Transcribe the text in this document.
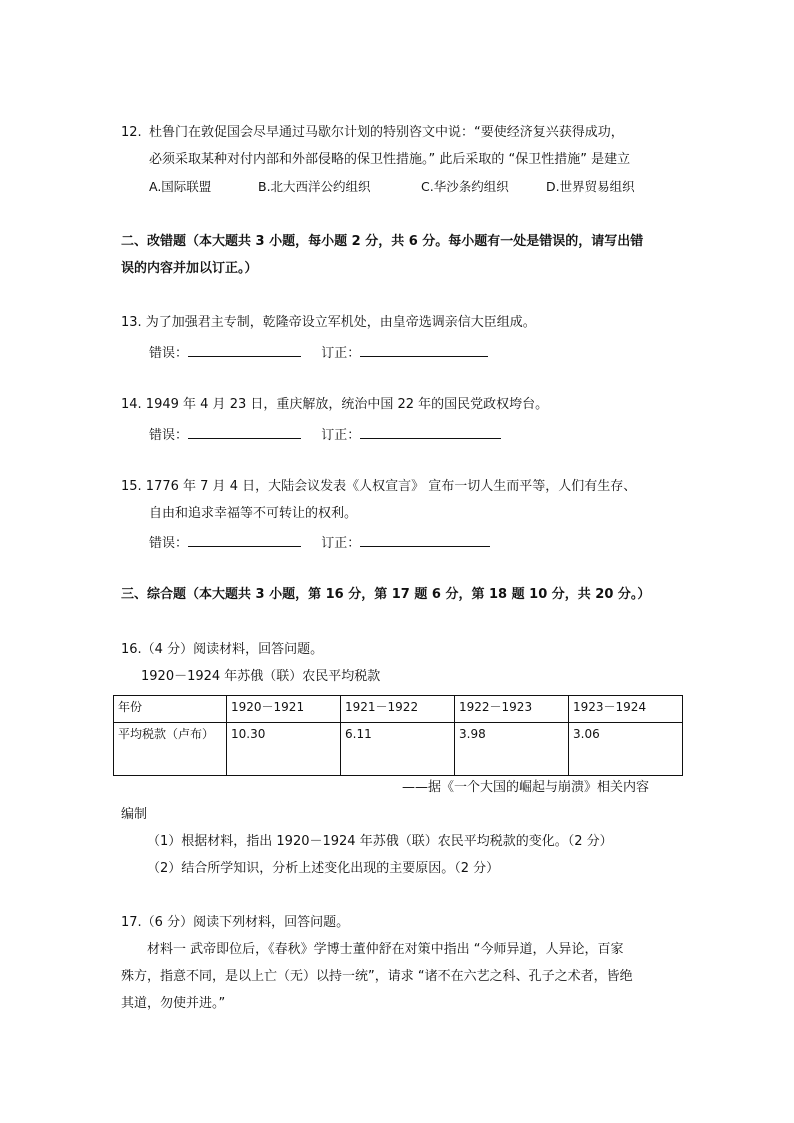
12. 杜鲁门在敦促国会尽早通过马歇尔计划的特别咨文中说：“要使经济复兴获得成功，
必须采取某种对付内部和外部侵略的保卫性措施。” 此后采取的 “保卫性措施” 是建立
A.国际联盟	B.北大西洋公约组织	C.华沙条约组织	D.世界贸易组织
二、改错题（本大题共 3 小题，每小题 2 分，共 6 分。每小题有一处是错误的，请写出错
误的内容并加以订正。）
13. 为了加强君主专制，乾隆帝设立军机处，由皇帝选调亲信大臣组成。
错误：	订正：
14. 1949 年 4 月 23 日，重庆解放，统治中国 22 年的国民党政权垮台。
错误：	订正：
15. 1776 年 7 月 4 日，大陆会议发表《人权宣言》 宣布一切人生而平等，人们有生存、
自由和追求幸福等不可转让的权利。
错误：	订正：
三、综合题（本大题共 3 小题，第 16 分，第 17 题 6 分，第 18 题 10 分，共 20 分。）
16.（4 分）阅读材料，回答问题。
1920－1924 年苏俄（联）农民平均税款
年份	1920－1921	1921－1922	1922－1923	1923－1924
平均税款（卢布）	10.30	6.11	3.98	3.06
——据《一个大国的崛起与崩溃》相关内容
编制
（1）根据材料，指出 1920－1924 年苏俄（联）农民平均税款的变化。（2 分）
（2）结合所学知识，分析上述变化出现的主要原因。（2 分）
17.（6 分）阅读下列材料，回答问题。
材料一 武帝即位后，《春秋》学博士董仲舒在对策中指出 “今师异道，人异论，百家
殊方，指意不同，是以上亡（无）以持一统”，请求 “诸不在六艺之科、孔子之术者，皆绝
其道，勿使并进。”
